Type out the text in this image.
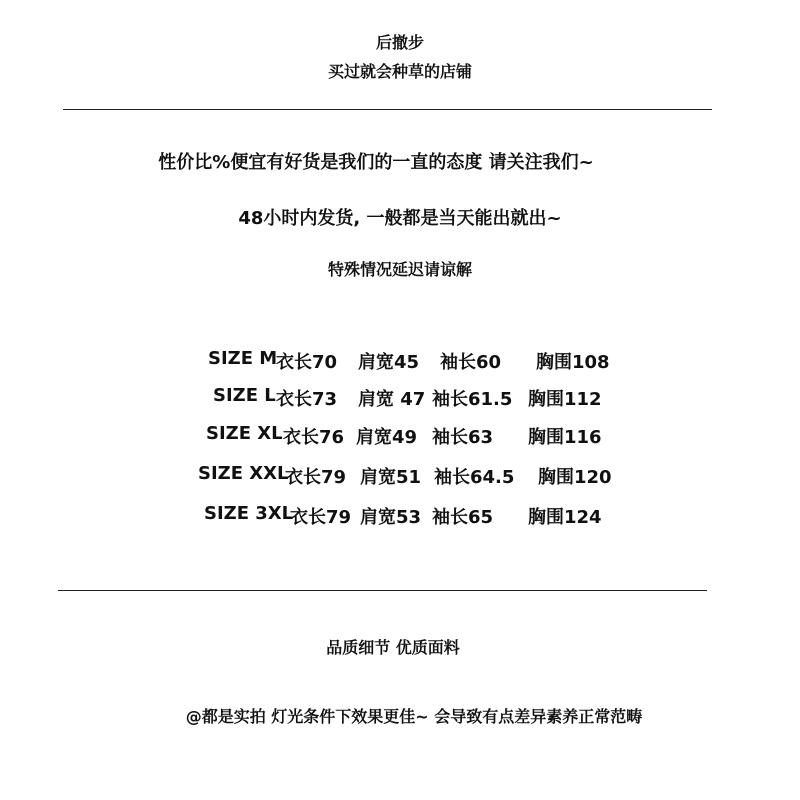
后撤步
买过就会种草的店铺
性价比%便宜有好货是我们的一直的态度 请关注我们~
48小时内发货, 一般都是当天能出就出~
特殊情况延迟请谅解
SIZE M
衣长70 肩宽45 袖长60 胸围108
SIZE L 衣长73 肩宽 47 袖长61.5 胸围112
SIZE XL 衣长76 肩宽49 袖长63 胸围116
SIZE XXL
衣长79 肩宽51 袖长64.5 胸围120
SIZE 3XL
衣长79 肩宽53 袖长65 胸围124
品质细节 优质面料
@都是实拍 灯光条件下效果更佳~ 会导致有点差异素养正常范畴
